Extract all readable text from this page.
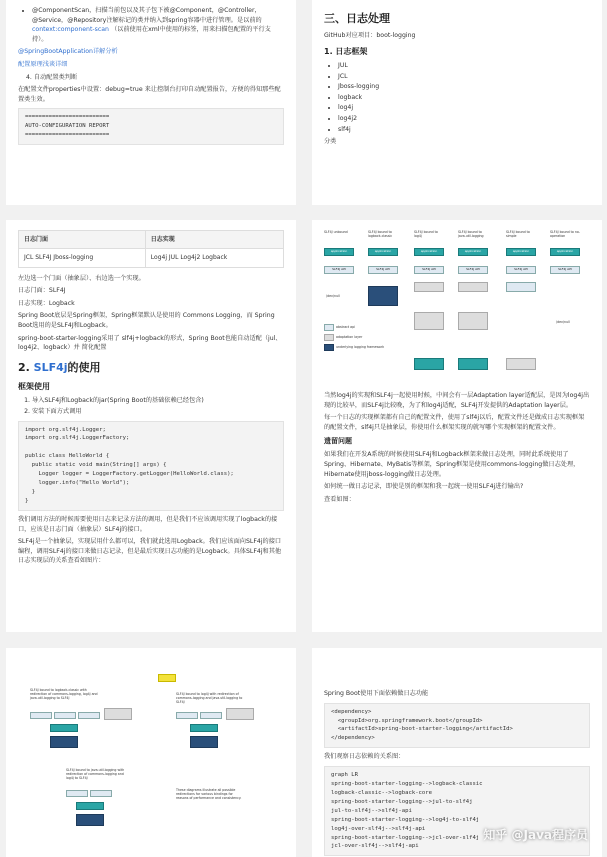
• @ComponentScan，扫描当前包以及其子包下被@Component，@Controller，@Service，@Repository注解标记的类并纳入到spring容器中进行管理。是以前的 context:component-scan （以前使用在xml中使用的标签，用来扫描包配置的平行支持）。

@SpringBootApplication详解分析

配置原理浅谈详细

4. 自动配置类判断

在配置文件properties中设置：debug=true 来让控制台打印自动配置报告，方便的得知那些配置类生效。

=========================
AUTO-CONFIGURATION REPORT
=========================
三、日志处理

GitHub对应项目：boot-logging

1. 日志框架
• JUL
• JCL
• Jboss-logging
• logback
• log4j
• log4j2
• slf4j

分类

日志门面	日志实现
JCL SLF4J Jboss-logging	Log4j JUL Log4j2 Logback

左边选一个门面（抽象层）、右边选一个实现。

日志门面：SLF4J

日志实现：Logback

Spring Boot底层是Spring框架，Spring框架默认是使用的 Commons Logging，而 Spring Boot选用的是SLF4J和Logback。

spring-boot-starter-logging采用了 slf4j+logback的形式，Spring Boot也能自动适配（jul、log4j2、logback）并 简化配置

2. SLF4j的使用
框架使用
1. 导入SLF4j和Logback的jar(Spring Boot的基础依赖已经包含)
2. 安装下面方式调用
import org.slf4j.Logger;
import org.slf4j.LoggerFactory;

public class HelloWorld {
public static void main(String[] args) {
Logger logger = LoggerFactory.getLogger(HelloWorld.class);
logger.info("Hello World");
}
}

我们调用方法的时候需要使用日志来记录方法的调用，但是我们不应该调用实现了logback的接口，应该是日志门面（抽象层）SLF4j的接口。

SLF4j是一个抽象层，实现层用什么都可以，我们就此选用Logback。我们应该面向SLF4j的接口编程，调用SLF4j的接口来做日志记录，但是最后实现日志功能的是Logback。具体SLF4j和其他日志实现层的关系查看如图片：

SLF4J unbound	SLF4J bound to logback-classic
SLF4J bound to log4j
SLF4J bound to java.util.logging
SLF4J bound to simple
SLF4J bound to no-operation
application	application	application	application	application	application
SLF4J API	SLF4J API	SLF4J API	SLF4J API	SLF4J API	SLF4J API
/dev/null
/dev/null
abstract api
adaptation layer
underlying logging framework

当然log4j的实现和SLF4j一起使用时候，中间会有一层Adaptation layer适配层，是因为log4j出现的比较早，而SLF4j比较晚，为了和log4j适配，SLF4j开发提供的Adaptation layer层。

每一个日志的实现框架都有自己的配置文件，使用了slf4j以后，配置文件还是做成日志实现框架的配置文件，slf4j只是抽象层，你使用什么框架实现的就写哪个实现框架的配置文件。

遗留问题

如果我们在开发A系统的时候使用SLF4j和Logback框架来做日志处理，同时此系统使用了 Spring、Hibernate、MyBatis等框架，Spring框架是使用commons-logging做日志处理，Hibernate使用jboss-logging做日志处理。

如何统一做日志记录，即使是别的框架和我一起统一使用SLF4j进行输出?

查看如图：

SLF4J bound to logback-classic with redirection of commons-logging, log4j and java.util.logging to SLF4J
SLF4J bound to log4j with redirection of commons-logging and java.util.logging to SLF4J
SLF4J bound to java.util.logging with redirection of commons-logging and log4j to SLF4J
These diagrams illustrate all possible redirections for various bindings for reasons of performance and consistency.

Spring Boot使用下面依赖做日志功能

<dependency>
<groupId>org.springframework.boot</groupId>
<artifactId>spring-boot-starter-logging</artifactId>
</dependency>

我们观察日志依赖的关系图：

graph LR
spring-boot-starter-logging-->logback-classic
logback-classic-->logback-core
spring-boot-starter-logging-->jul-to-slf4j
jul-to-slf4j-->slf4j-api
spring-boot-starter-logging-->log4j-to-slf4j
log4j-over-slf4j-->slf4j-api
spring-boot-starter-logging-->jcl-over-slf4j
jcl-over-slf4j-->slf4j-api
知乎 @Java程序员
